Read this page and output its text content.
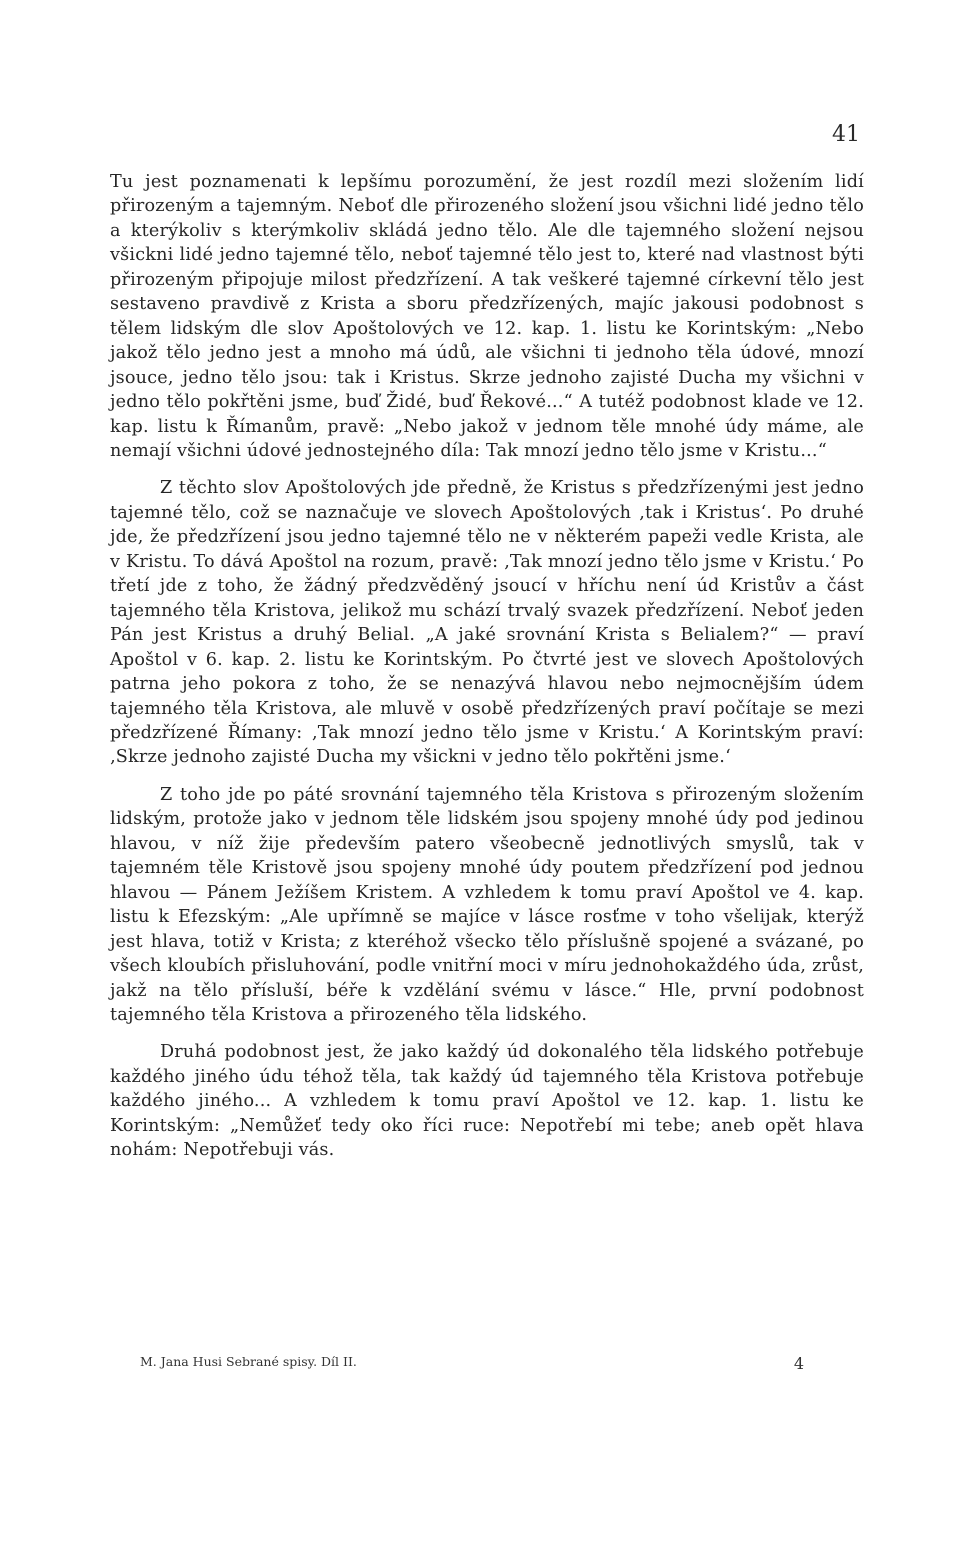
41

Tu jest poznamenati k lepšímu porozumění, že jest rozdíl mezi složením lidí přirozeným a tajemným. Neboť dle přirozeného složení jsou všichni lidé jedno tělo a kterýkoliv s kterýmkoliv skládá jedno tělo. Ale dle tajemného složení nejsou všickni lidé jedno tajemné tělo, neboť tajemné tělo jest to, které nad vlastnost býti přirozeným připojuje milost předzřízení. A tak veškeré tajemné církevní tělo jest sestaveno pravdivě z Krista a sboru předzřízených, majíc jakousi podobnost s tělem lidským dle slov Apoštolových ve 12. kap. 1. listu ke Korintským: „Nebo jakož tělo jedno jest a mnoho má údů, ale všichni ti jednoho těla údové, mnozí jsouce, jedno tělo jsou: tak i Kristus. Skrze jednoho zajisté Ducha my všichni v jedno tělo pokřtěni jsme, buď Židé, buď Řekové...“ A tutéž podobnost klade ve 12. kap. listu k Římanům, pravě: „Nebo jakož v jednom těle mnohé údy máme, ale nemají všichni údové jednostejného díla: Tak mnozí jedno tělo jsme v Kristu...“

Z těchto slov Apoštolových jde předně, že Kristus s předzřízenými jest jedno tajemné tělo, což se naznačuje ve slovech Apoštolových ‚tak i Kristus‘. Po druhé jde, že předzřízení jsou jedno tajemné tělo ne v některém papeži vedle Krista, ale v Kristu. To dává Apoštol na rozum, pravě: ‚Tak mnozí jedno tělo jsme v Kristu.‘ Po třetí jde z toho, že žádný předzvěděný jsoucí v hříchu není úd Kristův a část tajemného těla Kristova, jelikož mu schází trvalý svazek předzřízení. Neboť jeden Pán jest Kristus a druhý Belial. „A jaké srovnání Krista s Belialem?“ — praví Apoštol v 6. kap. 2. listu ke Korintským. Po čtvrté jest ve slovech Apoštolových patrna jeho pokora z toho, že se nenazývá hlavou nebo nejmocnějším údem tajemného těla Kristova, ale mluvě v osobě předzřízených praví počítaje se mezi předzřízené Římany: ‚Tak mnozí jedno tělo jsme v Kristu.‘ A Korintským praví: ‚Skrze jednoho zajisté Ducha my všickni v jedno tělo pokřtěni jsme.‘

Z toho jde po páté srovnání tajemného těla Kristova s přirozeným složením lidským, protože jako v jednom těle lidském jsou spojeny mnohé údy pod jedinou hlavou, v níž žije především patero všeobecně jednotlivých smyslů, tak v tajemném těle Kristově jsou spojeny mnohé údy poutem předzřízení pod jednou hlavou — Pánem Ježíšem Kristem. A vzhledem k tomu praví Apoštol ve 4. kap. listu k Efezským: „Ale upřímně se majíce v lásce rosťme v toho všelijak, kterýž jest hlava, totiž v Krista; z kteréhož všecko tělo příslušně spojené a svázané, po všech kloubích přisluhování, podle vnitřní moci v míru jednohokaždého úda, zrůst, jakž na tělo přísluší, béře k vzdělání svému v lásce.“ Hle, první podobnost tajemného těla Kristova a přirozeného těla lidského.

Druhá podobnost jest, že jako každý úd dokonalého těla lidského potřebuje každého jiného údu téhož těla, tak každý úd tajemného těla Kristova potřebuje každého jiného... A vzhledem k tomu praví Apoštol ve 12. kap. 1. listu ke Korintským: „Nemůžeť tedy oko říci ruce: Nepotřebí mi tebe; aneb opět hlava nohám: Nepotřebuji vás.

M. Jana Husi Sebrané spisy. Díl II.	4
